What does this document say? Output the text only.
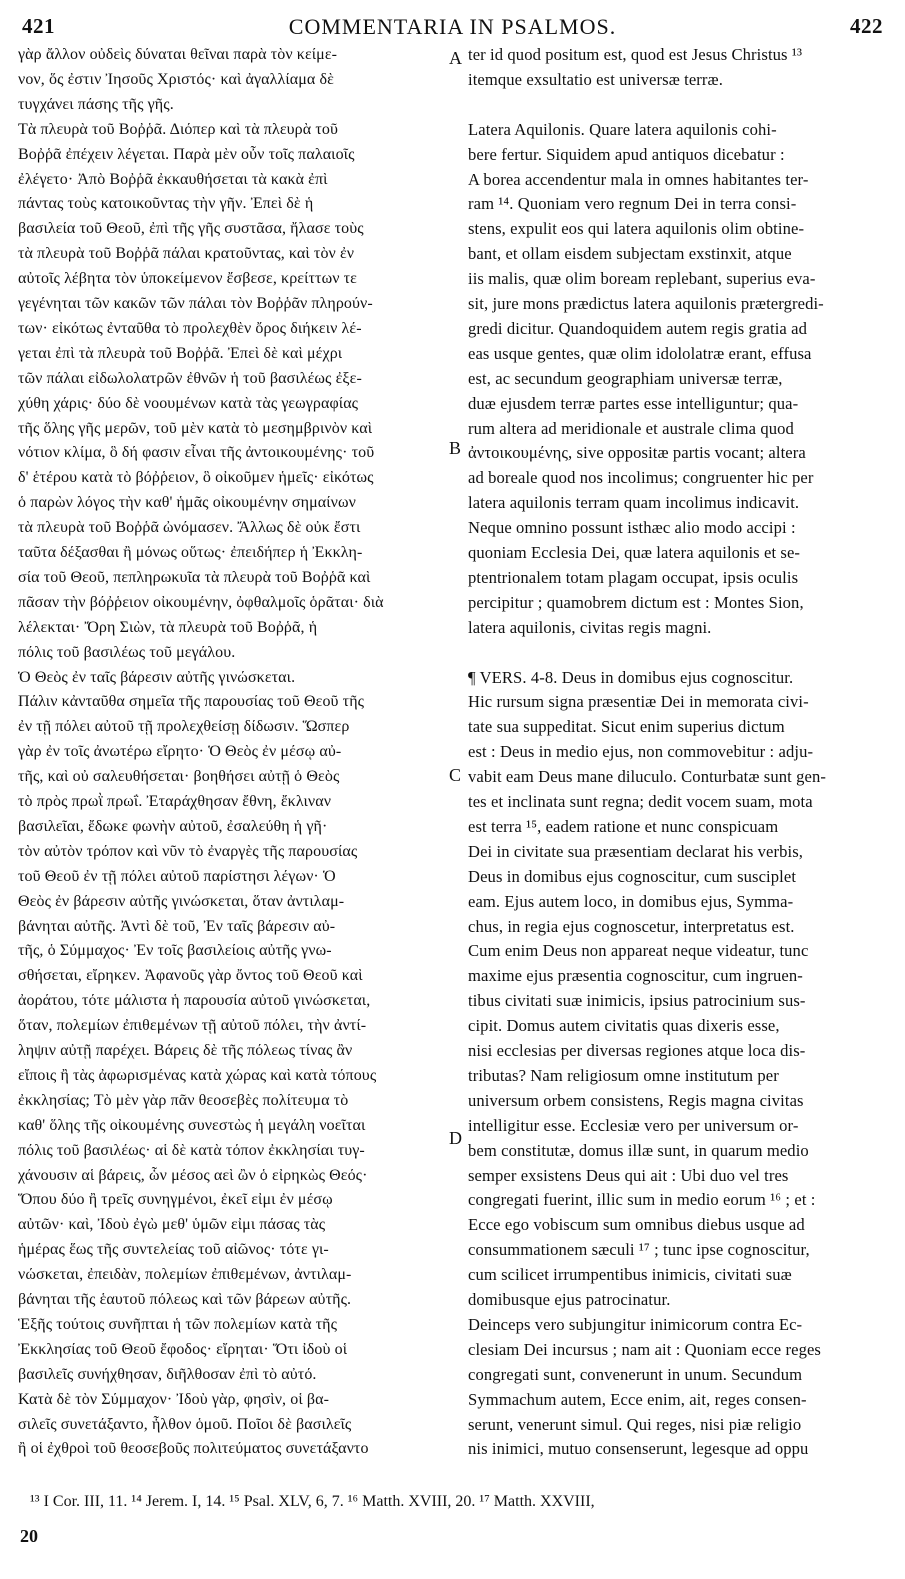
421	COMMENTARIA IN PSALMOS.	422
γὰρ ἄλλον οὐδεὶς δύναται θεῖναι παρὰ τὸν κείμε-
νον, ὅς ἐστιν Ἰησοῦς Χριστός· καὶ ἀγαλλίαμα δὲ
τυγχάνει πάσης τῆς γῆς.
Τὰ πλευρὰ τοῦ Βοῤῥᾶ. Διόπερ καὶ τὰ πλευρὰ τοῦ
Βοῤῥᾶ ἐπέχειν λέγεται. Παρὰ μὲν οὖν τοῖς παλαιοῖς
ἐλέγετο· Ἀπὸ Βοῤῥᾶ ἐκκαυθήσεται τὰ κακὰ ἐπὶ
πάντας τοὺς κατοικοῦντας τὴν γῆν. Ἐπεὶ δὲ ἡ
βασιλεία τοῦ Θεοῦ, ἐπὶ τῆς γῆς συστᾶσα, ἤλασε τοὺς
τὰ πλευρὰ τοῦ Βοῤῥᾶ πάλαι κρατοῦντας, καὶ τὸν ἐν
αὐτοῖς λέβητα τὸν ὑποκείμενον ἔσβεσε, κρείττων τε
γεγένηται τῶν κακῶν τῶν πάλαι τὸν Βοῤῥᾶν πληρούν-
των· εἰκότως ἐνταῦθα τὸ προλεχθὲν ὄρος διήκειν λέ-
γεται ἐπὶ τὰ πλευρὰ τοῦ Βοῤῥᾶ. Ἐπεὶ δὲ καὶ μέχρι
τῶν πάλαι εἰδωλολατρῶν ἐθνῶν ἡ τοῦ βασιλέως ἐξε-
χύθη χάρις· δύο δὲ νοουμένων κατὰ τὰς γεωγραφίας
τῆς ὅλης γῆς μερῶν, τοῦ μὲν κατὰ τὸ μεσημβρινὸν καὶ
νότιον κλίμα, ὃ δή φασιν εἶναι τῆς ἀντοικουμένης· τοῦ
δ' ἑτέρου κατὰ τὸ βόῤῥειον, ὃ οἰκοῦμεν ἡμεῖς· εἰκότως
ὁ παρὼν λόγος τὴν καθ' ἡμᾶς οἰκουμένην σημαίνων
τὰ πλευρὰ τοῦ Βοῤῥᾶ ὠνόμασεν. Ἄλλως δὲ οὐκ ἔστι
ταῦτα δέξασθαι ἢ μόνως οὕτως· ἐπειδήπερ ἡ Ἐκκλη-
σία τοῦ Θεοῦ, πεπληρωκυῖα τὰ πλευρὰ τοῦ Βοῤῥᾶ καὶ
πᾶσαν τὴν βόῤῥειον οἰκουμένην, ὀφθαλμοῖς ὁρᾶται· διὰ
λέλεκται· Ὄρη Σιὼν, τὰ πλευρὰ τοῦ Βοῤῥᾶ, ἡ
πόλις τοῦ βασιλέως τοῦ μεγάλου.
Ὁ Θεὸς ἐν ταῖς βάρεσιν αὐτῆς γινώσκεται.
Πάλιν κἀνταῦθα σημεῖα τῆς παρουσίας τοῦ Θεοῦ τῆς
ἐν τῇ πόλει αὐτοῦ τῇ προλεχθείσῃ δίδωσιν. Ὥσπερ
γὰρ ἐν τοῖς ἀνωτέρω εἴρητο· Ὁ Θεὸς ἐν μέσῳ αὐ-
τῆς, καὶ οὐ σαλευθήσεται· βοηθήσει αὐτῇ ὁ Θεὸς
τὸ πρὸς πρωῒ πρωΐ. Ἐταράχθησαν ἔθνη, ἔκλιναν
βασιλεῖαι, ἔδωκε φωνὴν αὐτοῦ, ἐσαλεύθη ἡ γῆ·
τὸν αὐτὸν τρόπον καὶ νῦν τὸ ἐναργὲς τῆς παρουσίας
τοῦ Θεοῦ ἐν τῇ πόλει αὐτοῦ παρίστησι λέγων· Ὁ
Θεὸς ἐν βάρεσιν αὐτῆς γινώσκεται, ὅταν ἀντιλαμ-
βάνηται αὐτῆς. Ἀντὶ δὲ τοῦ, Ἐν ταῖς βάρεσιν αὐ-
τῆς, ὁ Σύμμαχος· Ἐν τοῖς βασιλείοις αὐτῆς γνω-
σθήσεται, εἴρηκεν. Ἀφανοῦς γὰρ ὄντος τοῦ Θεοῦ καὶ
ἀοράτου, τότε μάλιστα ἡ παρουσία αὐτοῦ γινώσκεται,
ὅταν, πολεμίων ἐπιθεμένων τῇ αὐτοῦ πόλει, τὴν ἀντί-
ληψιν αὐτῇ παρέχει. Βάρεις δὲ τῆς πόλεως τίνας ἂν
εἴποις ἢ τὰς ἀφωρισμένας κατὰ χώρας καὶ κατὰ τόπους
ἐκκλησίας; Τὸ μὲν γὰρ πᾶν θεοσεβὲς πολίτευμα τὸ
καθ' ὅλης τῆς οἰκουμένης συνεστὼς ἡ μεγάλη νοεῖται
πόλις τοῦ βασιλέως· αἱ δὲ κατὰ τόπον ἐκκλησίαι τυγ-
χάνουσιν αἱ βάρεις, ὧν μέσος αεὶ ὢν ὁ εἰρηκὼς Θεός·
Ὅπου δύο ἢ τρεῖς συνηγμένοι, ἐκεῖ εἰμι ἐν μέσῳ
αὐτῶν· καὶ, Ἰδοὺ ἐγὼ μεθ' ὑμῶν εἰμι πάσας τὰς
ἡμέρας ἕως τῆς συντελείας τοῦ αἰῶνος· τότε γι-
νώσκεται, ἐπειδὰν, πολεμίων ἐπιθεμένων, ἀντιλαμ-
βάνηται τῆς ἑαυτοῦ πόλεως καὶ τῶν βάρεων αὐτῆς.
Ἑξῆς τούτοις συνῆπται ἡ τῶν πολεμίων κατὰ τῆς
Ἐκκλησίας τοῦ Θεοῦ ἔφοδος· εἴρηται· Ὅτι ἰδοὺ οἱ
βασιλεῖς συνήχθησαν, διῆλθοσαν ἐπὶ τὸ αὐτό.
Κατὰ δὲ τὸν Σύμμαχον· Ἰδοὺ γὰρ, φησὶν, οἱ βα-
σιλεῖς συνετάξαντο, ἦλθον ὁμοῦ. Ποῖοι δὲ βασιλεῖς
ἢ οἱ ἐχθροὶ τοῦ θεοσεβοῦς πολιτεύματος συνετάξαντο
ter id quod positum est, quod est Jesus Christus ¹³
itemque exsultatio est universæ terræ.
Latera Aquilonis. Quare latera aquilonis cohi-
bere fertur. Siquidem apud antiquos dicebatur :
A borea accendentur mala in omnes habitantes ter-
ram ¹⁴. Quoniam vero regnum Dei in terra consi-
stens, expulit eos qui latera aquilonis olim obtine-
bant, et ollam eisdem subjectam exstinxit, atque
iis malis, quæ olim boream replebant, superius eva-
sit, jure mons prædictus latera aquilonis prætergredi-
gredi dicitur. Quandoquidem autem regis gratia ad
eas usque gentes, quæ olim idololatræ erant, effusa
est, ac secundum geographiam universæ terræ,
duæ ejusdem terræ partes esse intelliguntur; qua-
rum altera ad meridionale et australe clima quod
ἀντοικουμένης, sive oppositæ partis vocant; altera
ad boreale quod nos incolimus; congruenter hic per
latera aquilonis terram quam incolimus indicavit.
Neque omnino possunt isthæc alio modo accipi :
quoniam Ecclesia Dei, quæ latera aquilonis et se-
ptentrionalem totam plagam occupat, ipsis oculis
percipitur ; quamobrem dictum est : Montes Sion,
latera aquilonis, civitas regis magni.
¶ VERS. 4-8. Deus in domibus ejus cognoscitur.
Hic rursum signa præsentiæ Dei in memorata civi-
tate sua suppeditat. Sicut enim superius dictum
est : Deus in medio ejus, non commovebitur : adju-
vabit eam Deus mane diluculo. Conturbatæ sunt gen-
tes et inclinata sunt regna; dedit vocem suam, mota
est terra ¹⁵, eadem ratione et nunc conspicuam
Dei in civitate sua præsentiam declarat his verbis,
Deus in domibus ejus cognoscitur, cum susciplet
eam. Ejus autem loco, in domibus ejus, Symma-
chus, in regia ejus cognoscetur, interpretatus est.
Cum enim Deus non appareat neque videatur, tunc
maxime ejus præsentia cognoscitur, cum ingruen-
tibus civitati suæ inimicis, ipsius patrocinium sus-
cipit. Domus autem civitatis quas dixeris esse,
nisi ecclesias per diversas regiones atque loca dis-
tributas? Nam religiosum omne institutum per
universum orbem consistens, Regis magna civitas
intelligitur esse. Ecclesiæ vero per universum or-
bem constitutæ, domus illæ sunt, in quarum medio
semper exsistens Deus qui ait : Ubi duo vel tres
congregati fuerint, illic sum in medio eorum ¹⁶ ; et :
Ecce ego vobiscum sum omnibus diebus usque ad
consummationem sæculi ¹⁷ ; tunc ipse cognoscitur,
cum scilicet irrumpentibus inimicis, civitati suæ
domibusque ejus patrocinatur.
Deinceps vero subjungitur inimicorum contra Ec-
clesiam Dei incursus ; nam ait : Quoniam ecce reges
congregati sunt, convenerunt in unum. Secundum
Symmachum autem, Ecce enim, ait, reges consen-
serunt, venerunt simul. Qui reges, nisi piæ religio
nis inimici, mutuo consenserunt, legesque ad oppu
A
B
C
D
¹³ I Cor. III, 11. ¹⁴ Jerem. I, 14. ¹⁵ Psal. XLV, 6, 7. ¹⁶ Matth. XVIII, 20. ¹⁷ Matth. XXVIII,
20
